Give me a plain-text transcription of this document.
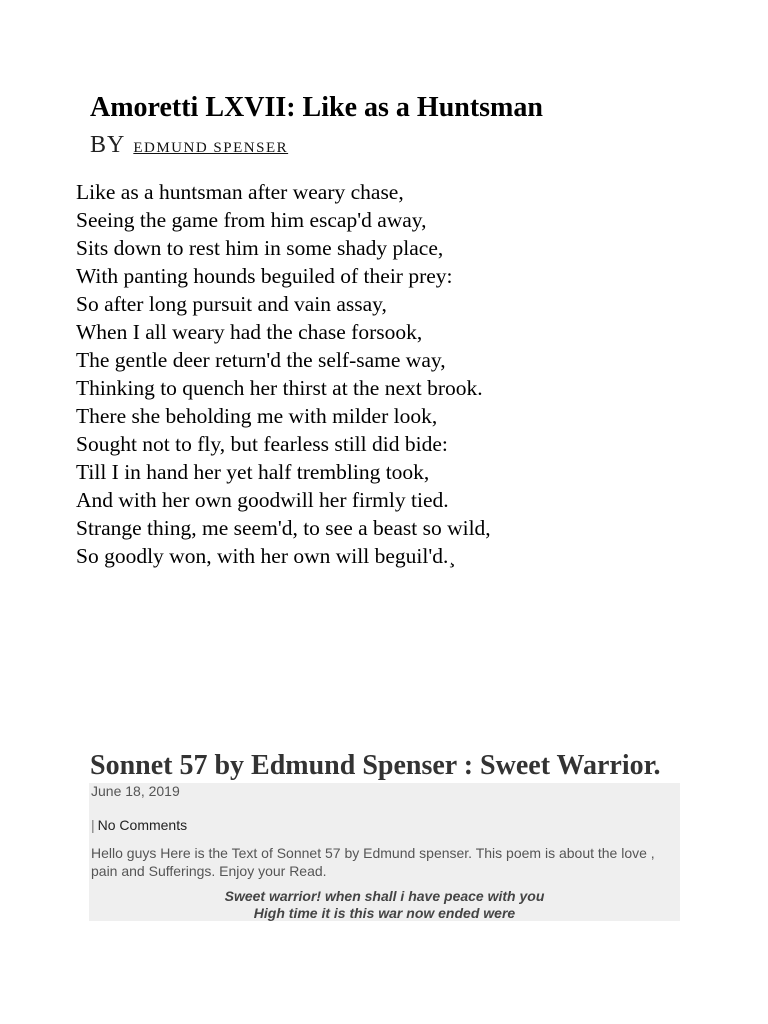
Amoretti LXVII: Like as a Huntsman
BY EDMUND SPENSER
Like as a huntsman after weary chase,
Seeing the game from him escap'd away,
Sits down to rest him in some shady place,
With panting hounds beguiled of their prey:
So after long pursuit and vain assay,
When I all weary had the chase forsook,
The gentle deer return'd the self-same way,
Thinking to quench her thirst at the next brook.
There she beholding me with milder look,
Sought not to fly, but fearless still did bide:
Till I in hand her yet half trembling took,
And with her own goodwill her firmly tied.
Strange thing, me seem'd, to see a beast so wild,
So goodly won, with her own will beguil'd.¸
Sonnet 57 by Edmund Spenser : Sweet Warrior.
June 18, 2019
| No Comments
Hello guys Here is the Text of Sonnet 57 by Edmund spenser. This poem is about the love , pain and Sufferings. Enjoy your Read.
Sweet warrior! when shall i have peace with you
High time it is this war now ended were
